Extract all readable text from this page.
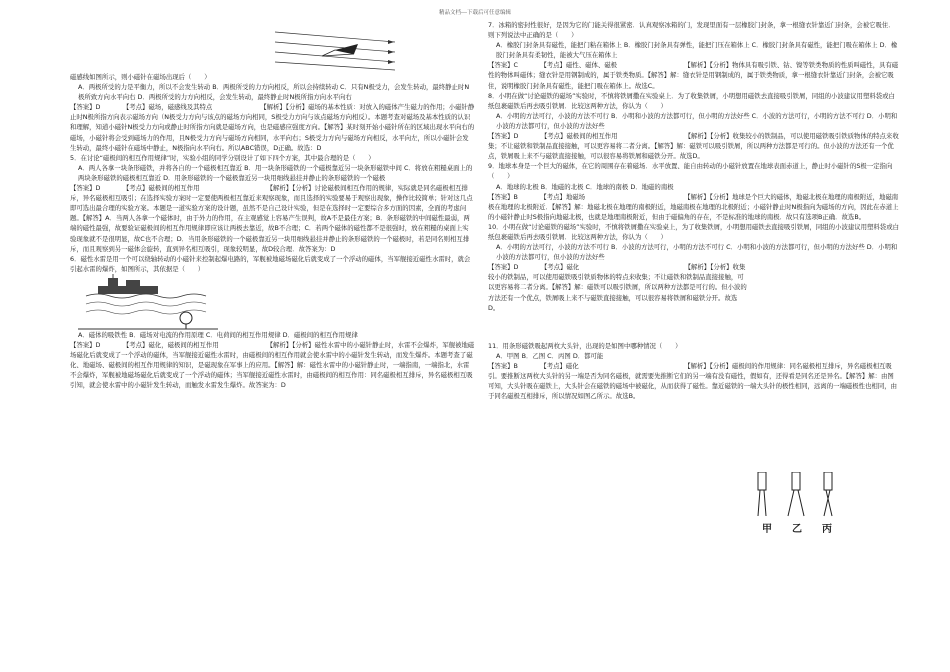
精品文档---下载后可任意编辑

磁感线如图所示，则小磁针在磁场出现后（　　）

A．两极所受的力是平衡力，所以不会发生转动 B．两极所受的力方向相反，所以会持续转动 C．只有N极受力，会发生转动，最终静止时N极所致方向水平向右 D．两极所受的力方向相反，会发生转动，最终静止时N极所指方向水平向右

【答案】D　　　　【考点】磁场，磁感线及其特点　　　　　　　　【解析】【分析】磁场的基本性质：对放入的磁体产生磁力的作用；小磁针静止时N极所指方向表示磁场方向（N极受力方向与该点的磁场方向相同，S极受力方向与该点磁场方向相反）。本题考查对磁场及基本性质的认识和理解，知道小磁针N极受力方向或静止时所指方向就是磁场方向，也是磁感应强度方向。【解答】某时刻开始小磁针所在的区域出现水平向右的磁场，小磁针将会受到磁场力的作用，且N极受力方向与磁场方向相同，水平向右；S极受力方向与磁场方向相反，水平向左，所以小磁针会发生转动，最终小磁针在磁场中静止，N极指向水平向右。所以ABC错误，D正确。故选：D

5．在讨论“磁极间的相互作用规律”时，实验小组的同学分别设计了如下四个方案，其中最合理的是（　　）

A．两人各拿一块条形磁铁，并将各自的一个磁极相互靠近 B．用一块条形磁铁的一个磁极靠近另一块条形磁铁中间 C．将放在粗糙桌面上的两块条形磁铁的磁极相互靠近 D．用条形磁铁的一个磁极靠近另一块用细线悬挂并静止的条形磁铁的一个磁极

【答案】D　　　　【考点】磁极间的相互作用　　　　　　　　　　　【解析】【分析】讨论磁极间相互作用的规律，实际就是同名磁极相互排斥，异名磁极相互吸引；在选择实验方案时一定要使两极相互靠近来观察现象，而且选择的实验要易于观察出现象，操作比较简单；针对这几点即可选出最合理的实验方案。本题是一道实验方案的设计题，虽然不是自己设计实验，但是在选择时一定要综合多方面的因素，全面的考虑问题。【解答】A．当两人各拿一个磁体时，由于外力的作用，在主观感觉上容易产生误判，故A不是最佳方案；B．条形磁铁的中间磁性最弱，两端的磁性最强，故要验证磁极间的相互作用规律即应该让两极去靠近，故B不合理；C．若两个磁体的磁性都不是很强时，放在粗糙的桌面上实验现象就不是很明显，故C也不合理；D．当用条形磁铁的一个磁极靠近另一块用细线悬挂并静止的条形磁铁的一个磁极时，若是同名则相互排斥，而且观察到另一磁体会旋转，直到异名相互吸引，现象较明显，故D较合理．故答案为：D

6．磁性水雷是用一个可以绕轴转动的小磁针来控制起爆电路的，军舰被地磁场磁化后就变成了一个浮动的磁体，当军舰接近磁性水雷时，就会引起水雷的爆炸，如图所示，其依据是（　　）

A．磁体的吸铁性 B．磁场对电流的作用原理 C．电荷间的相互作用规律 D．磁极间的相互作用规律

【答案】D　　　　【考点】磁化，磁极间的相互作用　　　　　　　　【解析】【分析】磁性水雷中的小磁针静止时，水雷不会爆炸，军舰被地磁场磁化后就变成了一个浮动的磁体，当军舰接近磁性水雷时，由磁极间的相互作用就会使水雷中的小磁针发生转动，而发生爆炸。本题考查了磁化、地磁场、磁极间的相互作用规律的知识，是磁现象在军事上的应用。【解答】解：磁性水雷中的小磁针静止时，一端指南，一端指北，水雷不会爆炸，军舰被地磁场磁化后就变成了一个浮动的磁体；当军舰接近磁性水雷时，由磁极间的相互作用：同名磁极相互排斥，异名磁极相互吸引知，就会使水雷中的小磁针发生转动，而触发水雷发生爆炸。故答案为：D

7．冰箱的密封性很好，是因为它的门能关得很紧密．认真观察冰箱的门，发现里面有一层橡胶门封条，拿一根缝衣针靠近门封条，会被它吸住．则下列说法中正确的是（　　）

A．橡胶门封条具有磁性，能把门粘在箱体上 B．橡胶门封条具有弹性，能把门压在箱体上 C．橡胶门封条具有磁性，能把门吸在箱体上 D．橡胶门封条具有柔韧性，能被大气压在箱体上

【答案】C　　　　【考点】磁性、磁体、磁极　　　　　　　　　　　【解析】【分析】物体具有吸引铁、钴、镍等铁类物质的性质叫磁性，具有磁性的物体叫磁体；缝衣针是用钢制成的，属于铁类物质。【解答】解：缝衣针是用钢制成的，属于铁类物质，拿一根缝衣针靠近门封条，会被它吸住，说明橡胶门封条具有磁性，能把门吸在箱体上。故选C。

8．小明在做“讨论磁铁的磁场”实验时，不慎将铁屑撒在实验桌上．为了收集铁屑，小明想用磁铁去直接吸引铁屑，同组的小波建议用塑料袋或白纸包裹磁铁后再去吸引铁屑．比较这两种方法，你认为（　　）

A．小明的方法可行，小波的方法不可行 B．小明和小波的方法都可行，但小明的方法好些 C．小波的方法可行，小明的方法不可行 D．小明和小波的方法都可行，但小波的方法好些

【答案】D　　　　【考点】磁极间的相互作用　　　　　　　　　　　【解析】【分析】收集较小的铁制品，可以使用磁铁吸引铁质物体的特点来收集；不让磁铁和铁制品直接接触，可以更容易将二者分离。【解答】解：磁铁可以吸引铁屑，所以两种方法都是可行的。但小波的方法还有一个优点，铁屑吸上来不与磁铁直接接触，可以很容易将铁屑和磁铁分开。故选D。

9．地球本身是一个巨大的磁体，在它的周围存在着磁场．水平放置、能自由转动的小磁针放置在地球表面赤道上，静止时小磁针的S极一定指向（　　）

A．地球的北极 B．地磁的北极 C．地球的南极 D．地磁的南极

【答案】B　　　　【考点】地磁场　　　　　　　　　　　　　　　　【解析】【分析】地球是个巨大的磁体，地磁北极在地理的南极附近，地磁南极在地理的北极附近．【解答】解：地磁北极在地理的南极附近，地磁南极在地理的北极附近；小磁针静止时N极指向为磁场的方向，因此在赤道上的小磁针静止时S极指向地磁北极，也就是地理南极附近，但由于磁偏角的存在，不是标准的地球的南极．故只有选项B正确．故选B。

10．小明在做“讨论磁铁的磁场”实验时，不慎将铁屑撒在实验桌上，为了收集铁屑，小明想用磁铁去直接吸引铁屑，同组的小波建议用塑料袋或白纸包裹磁铁后再去吸引铁屑．比较这两种方法，你认为（　　）

A．小明的方法可行，小波的方法不可行 B．小波的方法可行，小明的方法不可行 C．小明和小波的方法都可行，但小明的方法好些 D．小明和小波的方法都可行，但小波的方法好些

【答案】D　　　　【考点】磁化　　　　　　　　　　　　　　　　　【解析】【分析】收集较小的铁制品，可以使用磁铁吸引铁质物体的特点来收集；不让磁铁和铁制品直接接触，可以更容易将二者分离。【解答】解：磁铁可以吸引铁屑，所以两种方法都是可行的。但小波的方法还有一个优点，铁屑吸上来不与磁铁直接接触，可以很容易将铁屑和磁铁分开。故选D。

11．用条形磁铁吸起两枚大头针，出现的是如图中哪种情况（　　）

A．甲图 B．乙图 C．丙图 D．都可能

【答案】B　　　　【考点】磁化　　　　　　　　　　　　　　　　　【解析】【分析】磁极间的作用规律：同名磁极相互排斥，异名磁极相互吸引。要推断这两枚大头针的另一端是否为同名磁极，就需要先推断它们的另一端有没有磁性，假如有，还得看是同名还是异名。【解答】解：由图可知，大头针吸在磁铁上，大头针会在磁铁的磁场中被磁化，从而获得了磁性。靠近磁铁的一端大头针的极性相同，远离的一端磁极性也相同，由于同名磁极互相排斥，所以情况如图乙所示。故选B。

甲 乙 丙
